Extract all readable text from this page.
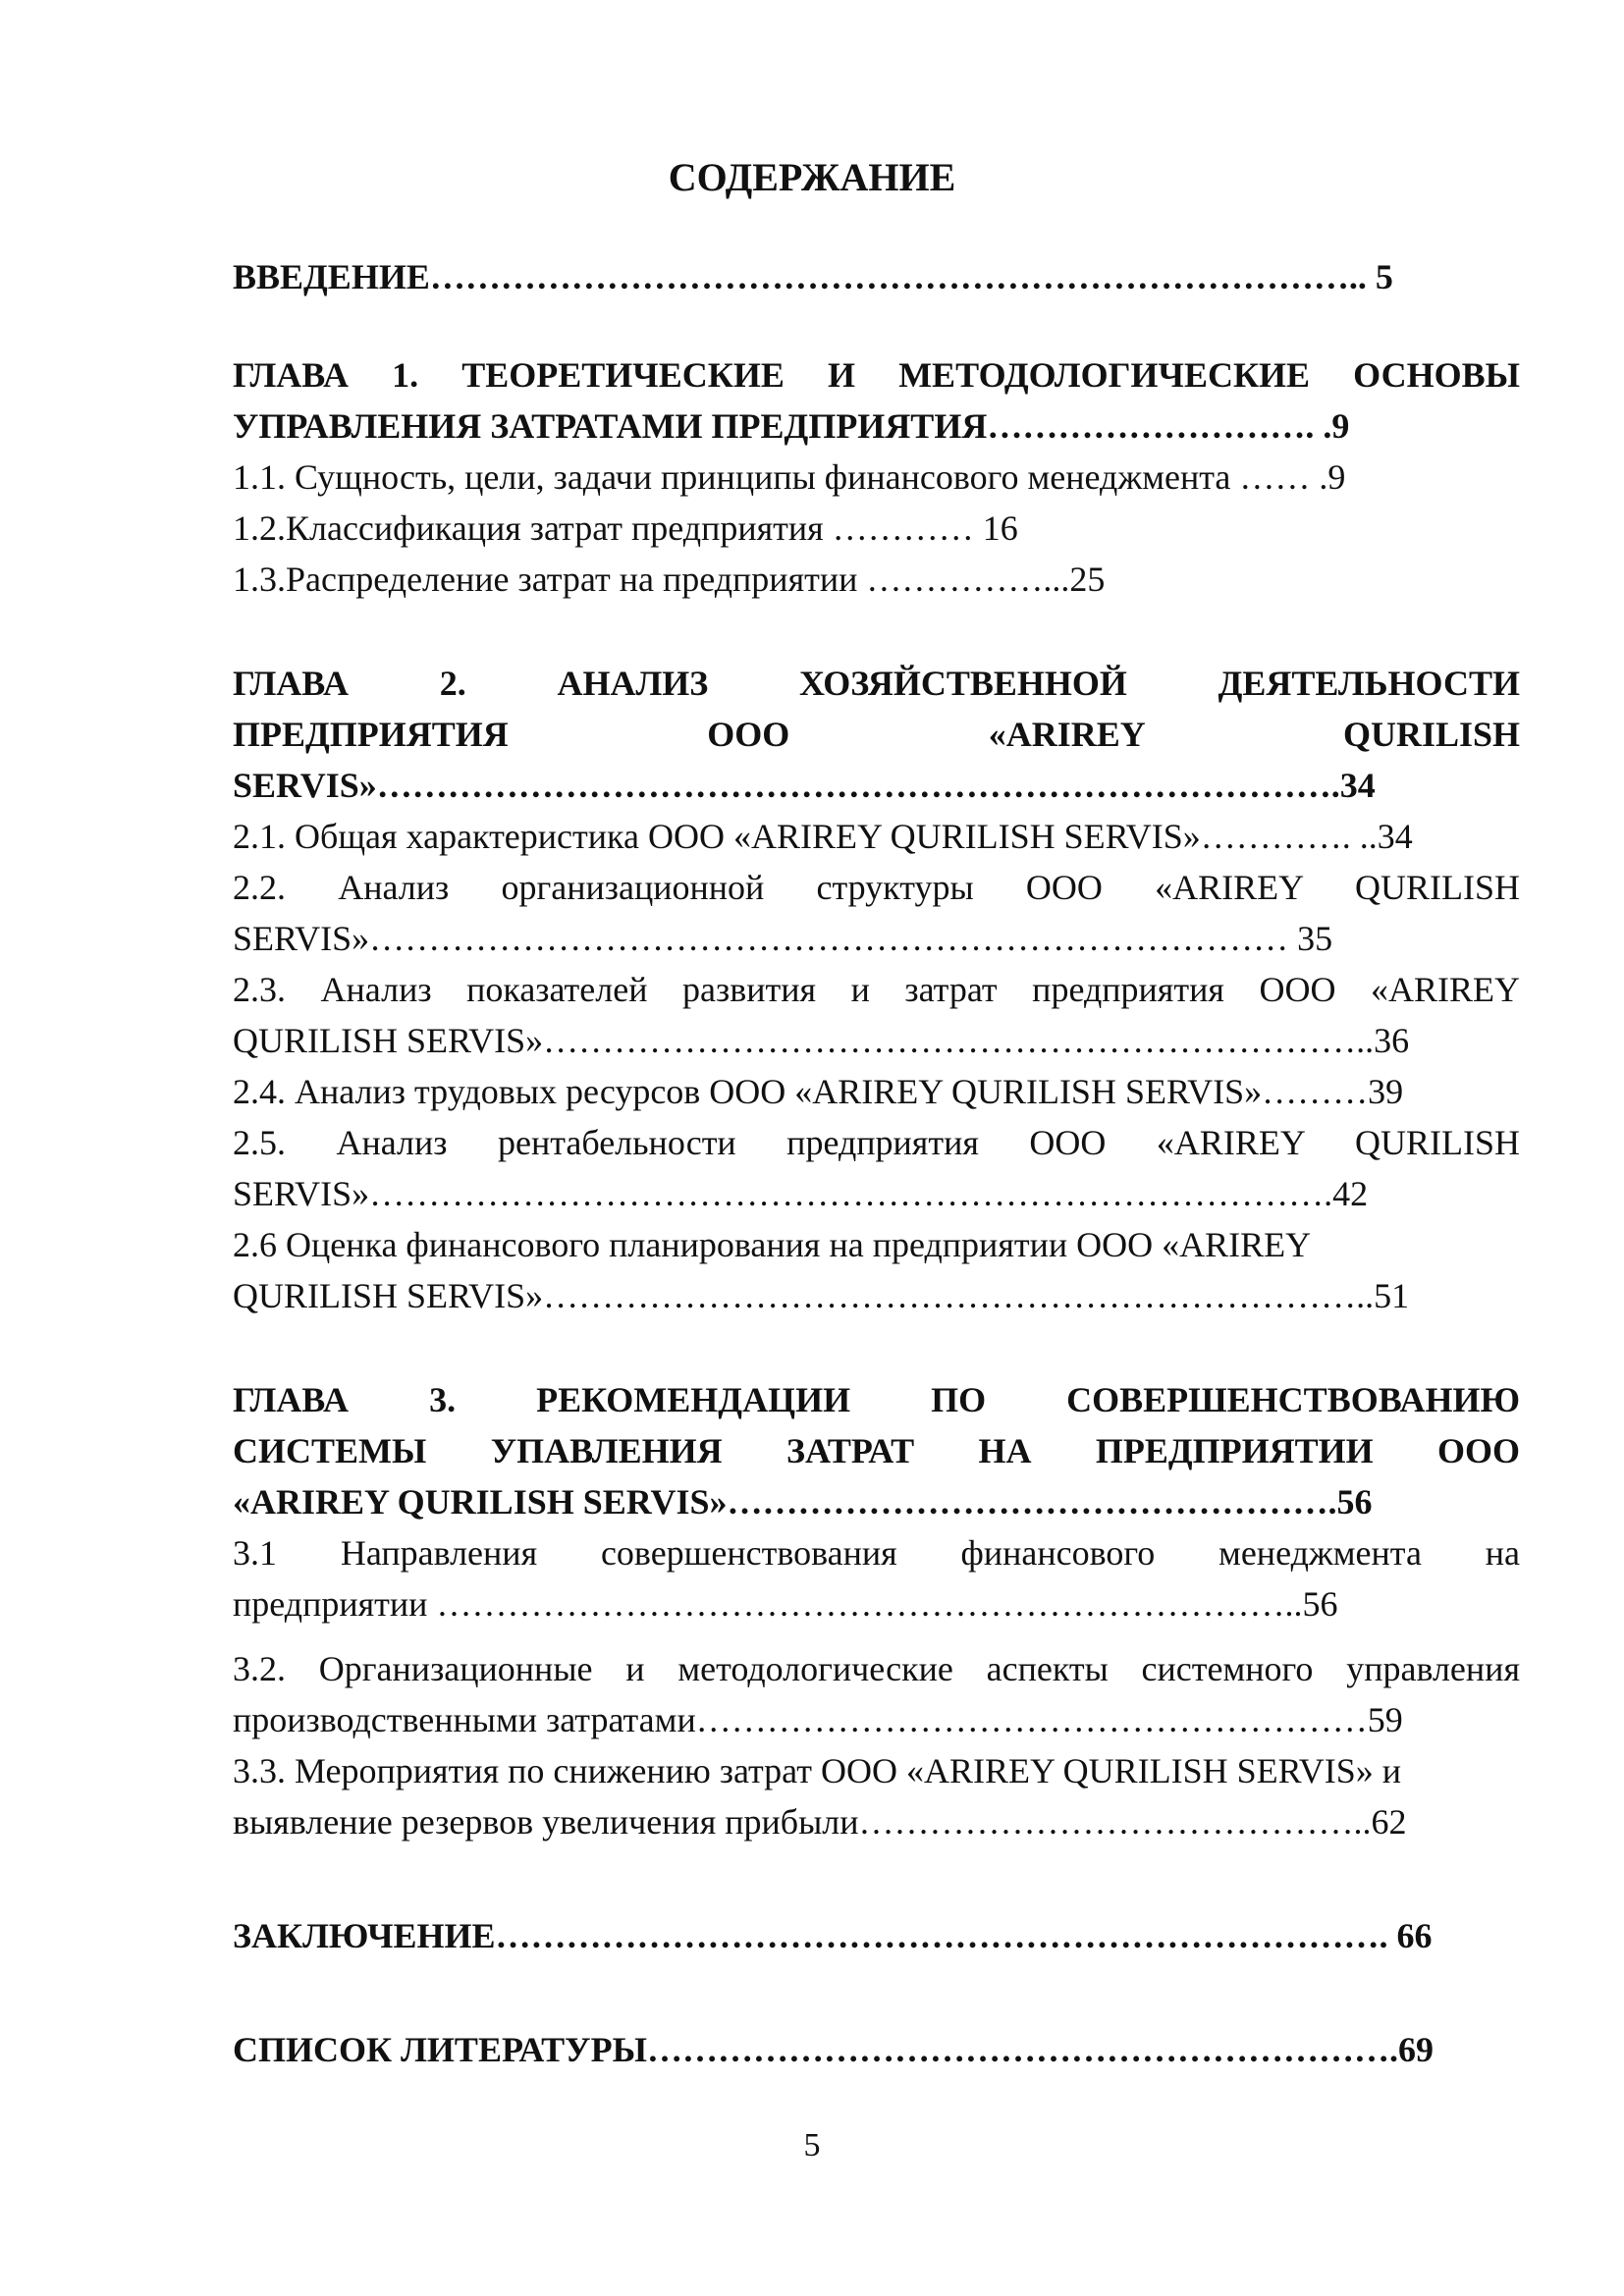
СОДЕРЖАНИЕ
ВВЕДЕНИЕ…………………………………………………………………….. 5
ГЛАВА 1. ТЕОРЕТИЧЕСКИЕ И МЕТОДОЛОГИЧЕСКИЕ ОСНОВЫ
УПРАВЛЕНИЯ ЗАТРАТАМИ ПРЕДПРИЯТИЯ………………………. .9
1.1. Сущность, цели, задачи принципы финансового менеджмента …… .9
1.2.Классификация затрат предприятия ………… 16
1.3.Распределение затрат на предприятии ……………...25
ГЛАВА 2. АНАЛИЗ ХОЗЯЙСТВЕННОЙ ДЕЯТЕЛЬНОСТИ
ПРЕДПРИЯТИЯ ООО «ARIREY QURILISH
SERVIS»……………………………………………………………………….34
2.1. Общая характеристика ООО «ARIREY QURILISH SERVIS»…………. ..34
2.2. Анализ организационной структуры ООО «ARIREY QURILISH
SERVIS»…………………………………………………………………… 35
2.3. Анализ показателей развития и затрат предприятия ООО «ARIREY
QURILISH SERVIS»……………………………………………………………..36
2.4. Анализ трудовых ресурсов ООО «ARIREY QURILISH SERVIS»………39
2.5. Анализ рентабельности предприятия ООО «ARIREY QURILISH
SERVIS»……………………………………………………………………….42
2.6 Оценка финансового планирования на предприятии ООО «ARIREY
QURILISH SERVIS»……………………………………………………………..51
ГЛАВА 3. РЕКОМЕНДАЦИИ ПО СОВЕРШЕНСТВОВАНИЮ
СИСТЕМЫ УПАВЛЕНИЯ ЗАТРАТ НА ПРЕДПРИЯТИИ ООО
«ARIREY QURILISH SERVIS»…………………………………………….56
3.1 Направления совершенствования финансового менеджмента на
предприятии ………………………………………………………………..56
3.2. Организационные и методологические аспекты системного управления
производственными затратами…………………………………………………59
3.3. Мероприятия по снижению затрат ООО «ARIREY QURILISH SERVIS» и
выявление резервов увеличения прибыли……………………………………..62
ЗАКЛЮЧЕНИЕ…………………………………………………………………. 66
СПИСОК ЛИТЕРАТУРЫ……………………………………………………….69
5
